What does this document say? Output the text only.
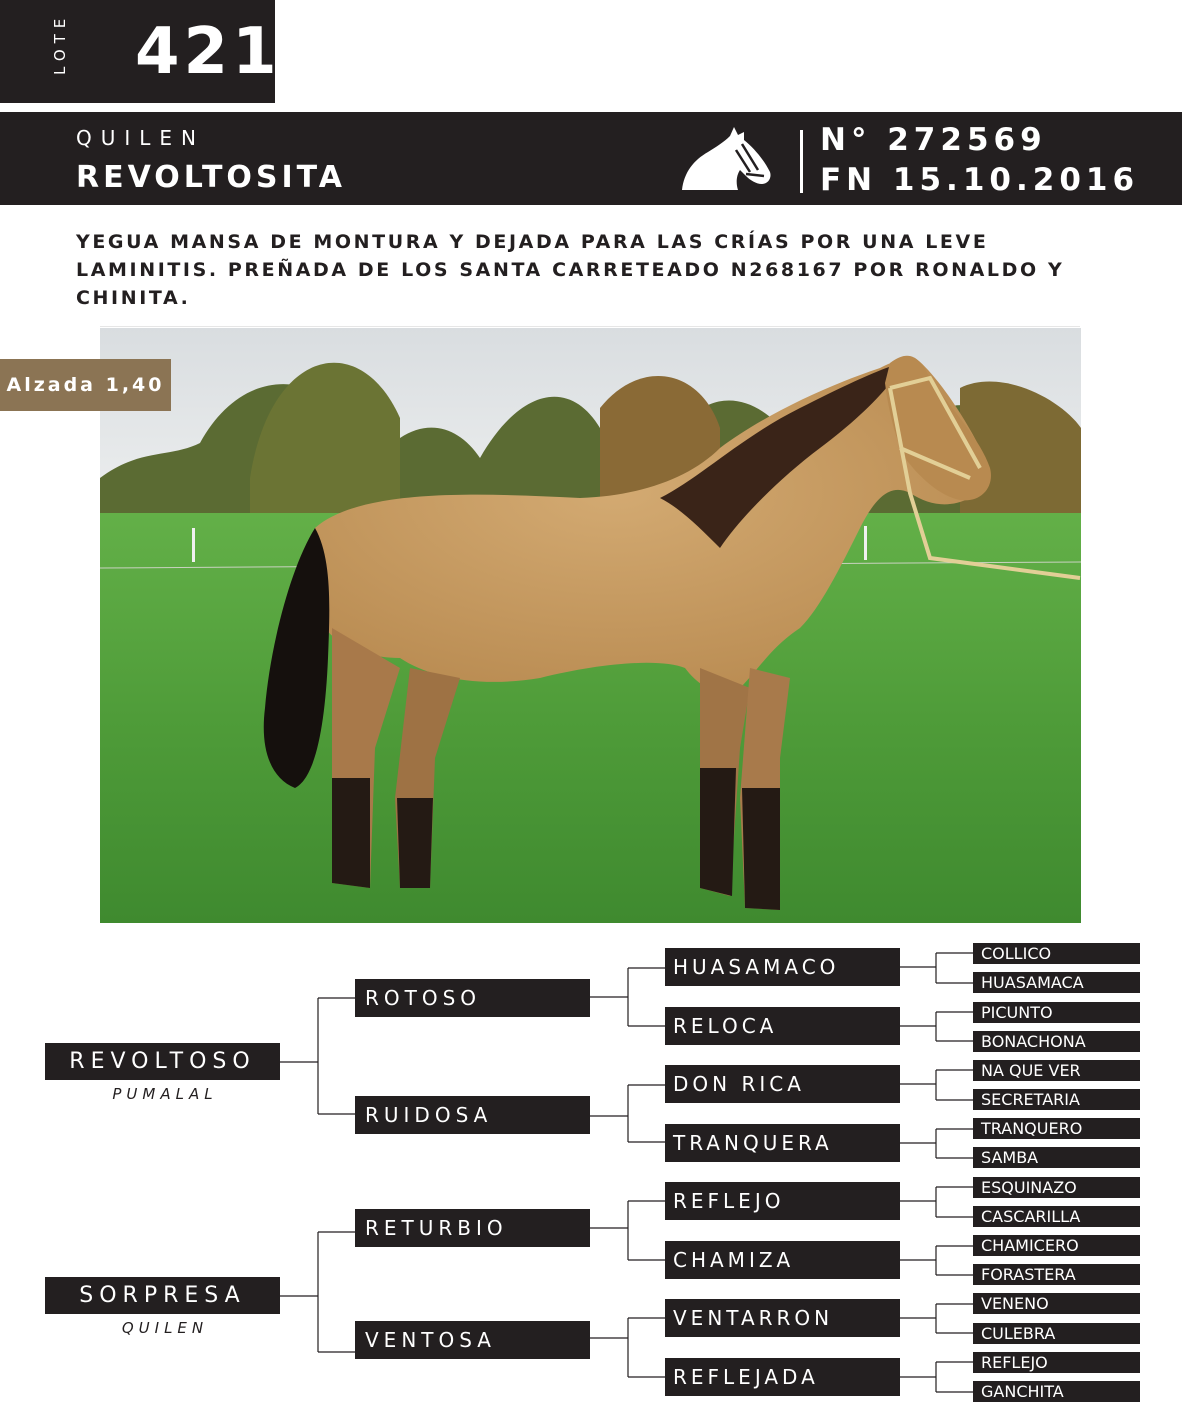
LOTE 421
QUILEN
REVOLTOSITA
N° 272569
FN 15.10.2016

YEGUA MANSA DE MONTURA Y DEJADA PARA LAS CRÍAS POR UNA LEVE LAMINITIS. PREÑADA DE LOS SANTA CARRETEADO N268167 POR RONALDO Y CHINITA.

Alzada 1,40
REVOLTOSO
PUMALAL
SORPRESA
QUILEN
ROTOSO
RUIDOSA
RETURBIO
VENTOSA
HUASAMACO
RELOCA
DON RICA
TRANQUERA
REFLEJO
CHAMIZA
VENTARRON
REFLEJADA
COLLICO
HUASAMACA
PICUNTO
BONACHONA
NA QUE VER
SECRETARIA
TRANQUERO
SAMBA
ESQUINAZO
CASCARILLA
CHAMICERO
FORASTERA
VENENO
CULEBRA
REFLEJO
GANCHITA
